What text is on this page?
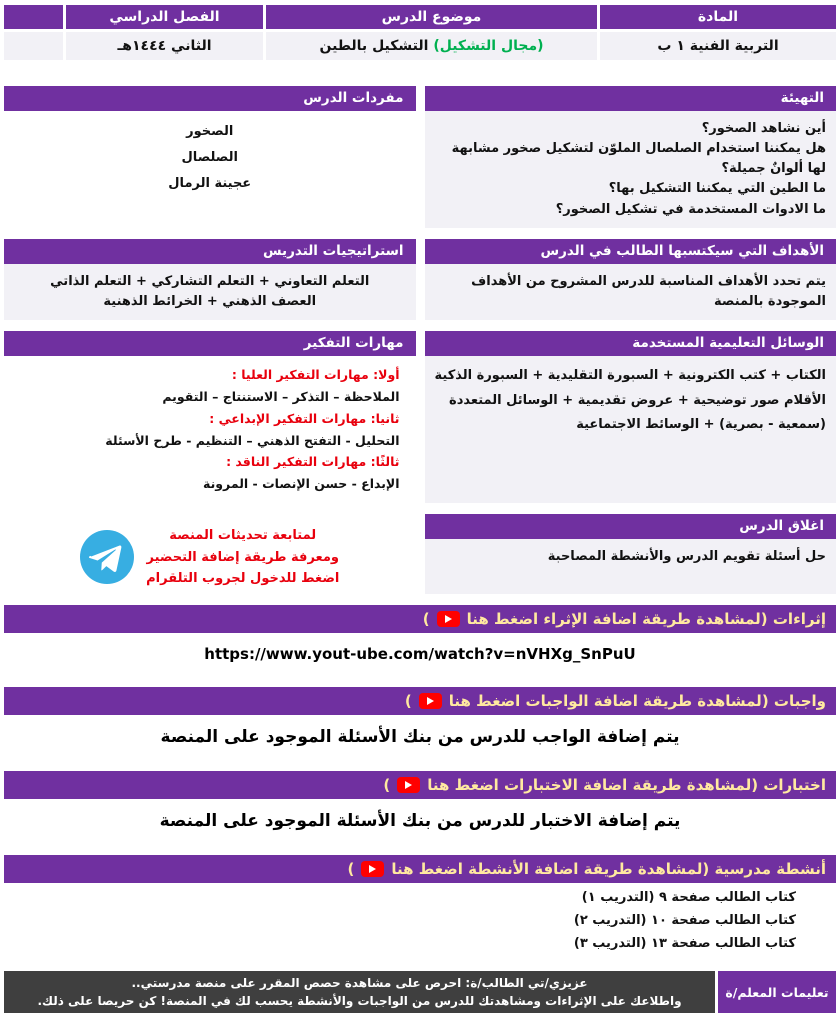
المادة
التربية الفنية ١ ب
موضوع الدرس
(مجال التشكيل) التشكيل بالطين
الفصل الدراسي
الثاني ١٤٤٤هـ

التهيئة
أين نشاهد الصخور؟
هل يمكننا استخدام الصلصال الملوّن لتشكيل صخور مشابهة لها ألوانٌ جميلة؟
ما الطين التي يمكننا التشكيل بها؟
ما الادوات المستخدمة في تشكيل الصخور؟
مفردات الدرس
الصخور
الصلصال
عجينة الرمال
الأهداف التي سيكتسبها الطالب في الدرس
يتم تحدد الأهداف المناسبة للدرس المشروح من الأهداف الموجودة بالمنصة
استراتيجيات التدريس
التعلم التعاوني + التعلم التشاركي + التعلم الذاتي
العصف الذهني + الخرائط الذهنية
الوسائل التعليمية المستخدمة
الكتاب + كتب الكترونية + السبورة التقليدية + السبورة الذكية
الأقلام صور توضيحية + عروض تقديمية + الوسائل المتعددة
(سمعية - بصرية) + الوسائط الاجتماعية
مهارات التفكير
أولا: مهارات التفكير العليا :
الملاحظة – التذكر – الاستنتاج – التقويم
ثانيا: مهارات التفكير الإبداعي :
التحليل - التفتح الذهني – التنظيم - طرح الأسئلة
ثالثًا: مهارات التفكير الناقد :
الإبداع - حسن الإنصات - المرونة
اغلاق الدرس
حل أسئلة تقويم الدرس والأنشطة المصاحبة
لمتابعة تحديثات المنصة
ومعرفة طريقة إضافة التحضير
اضغط للدخول لجروب التلقرام
إثراءات (لمشاهدة طريقة اضافة الإثراء اضغط هنا
)
https://www.yout-ube.com/watch?v=nVHXg_SnPuU
واجبات (لمشاهدة طريقة اضافة الواجبات اضغط هنا
)
يتم إضافة الواجب للدرس من بنك الأسئلة الموجود على المنصة
اختبارات (لمشاهدة طريقة اضافة الاختبارات اضغط هنا
)
يتم إضافة الاختبار للدرس من بنك الأسئلة الموجود على المنصة
أنشطة مدرسية (لمشاهدة طريقة اضافة الأنشطة اضغط هنا
)
كتاب الطالب صفحة ٩ (التدريب ١)
كتاب الطالب صفحة ١٠ (التدريب ٢)
كتاب الطالب صفحة ١٣ (التدريب ٣)
تعليمات المعلم/ة
عزيزي/تي الطالب/ة: احرص على مشاهدة حصص المقرر على منصة مدرستي..
واطلاعك على الإثراءات ومشاهدتك للدرس من الواجبات والأنشطة يحسب لك في المنصة! كن حريصا على ذلك.
